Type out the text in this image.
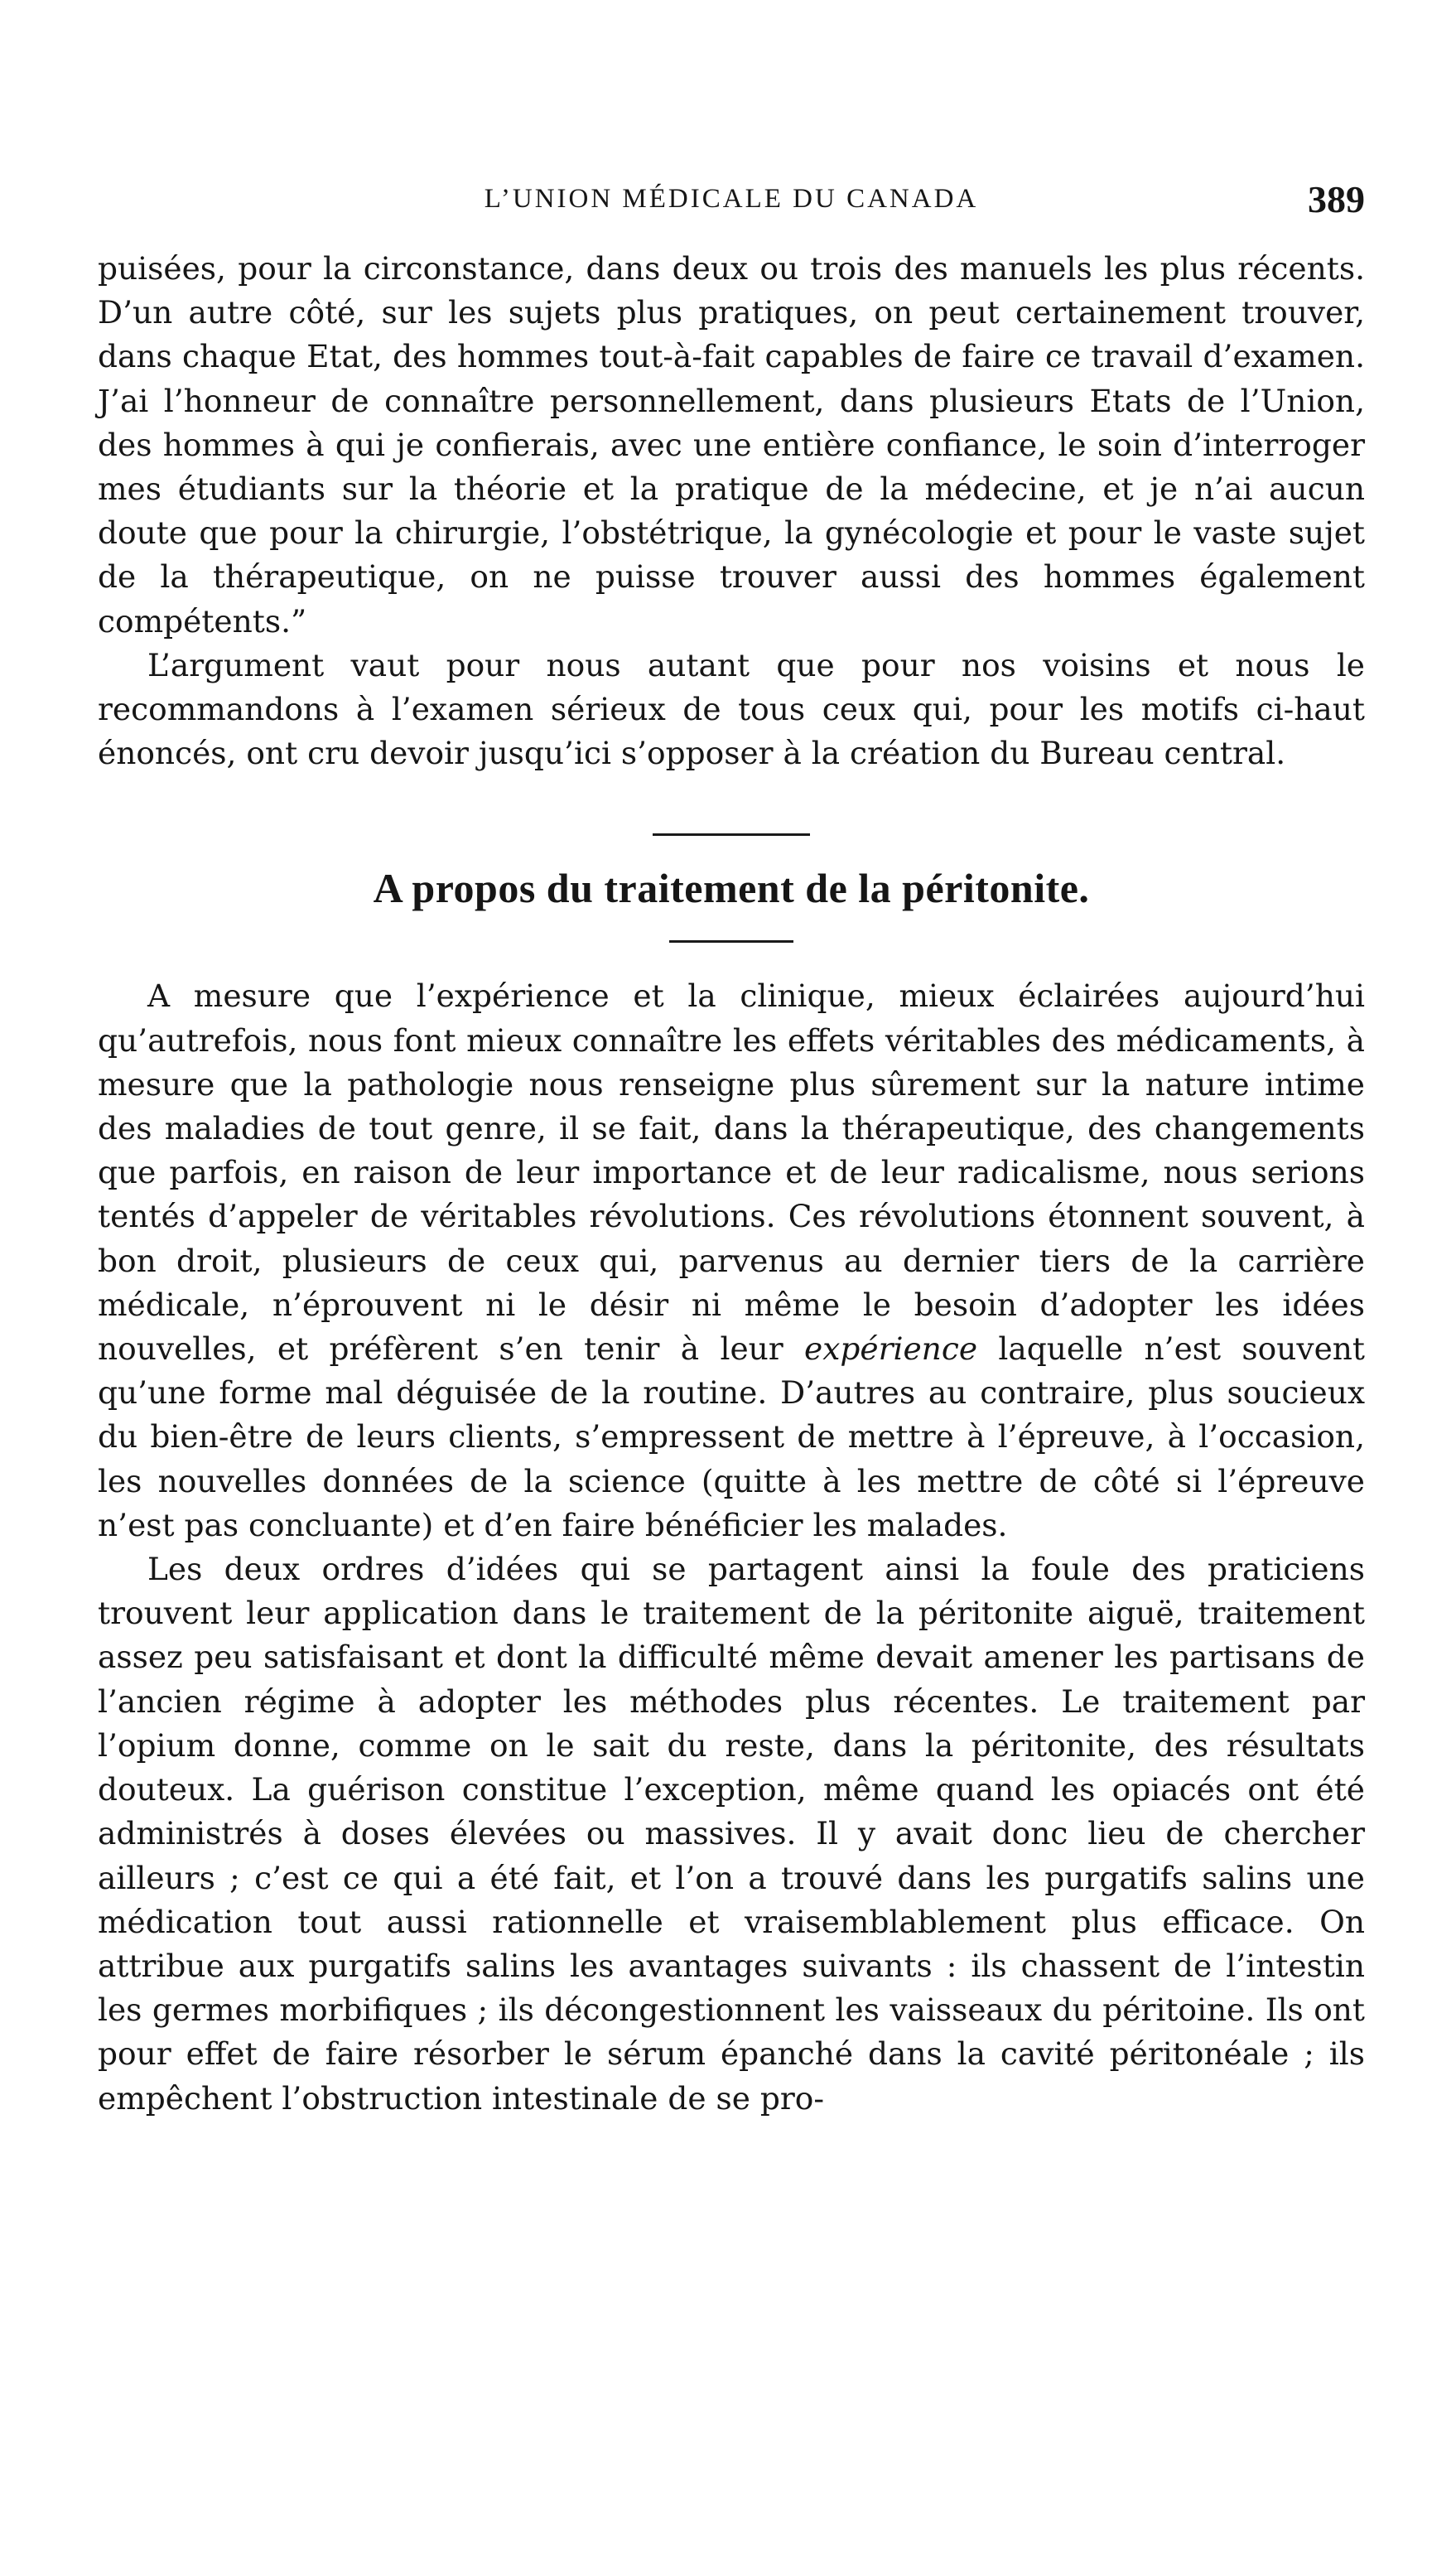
L’UNION MÉDICALE DU CANADA	389

puisées, pour la circonstance, dans deux ou trois des manuels les plus récents. D’un autre côté, sur les sujets plus pratiques, on peut certainement trouver, dans chaque Etat, des hommes tout-à-fait capables de faire ce travail d’examen. J’ai l’honneur de connaître personnellement, dans plusieurs Etats de l’Union, des hommes à qui je confierais, avec une entière confiance, le soin d’interroger mes étudiants sur la théorie et la pratique de la médecine, et je n’ai aucun doute que pour la chirurgie, l’obstétrique, la gynécologie et pour le vaste sujet de la thérapeutique, on ne puisse trouver aussi des hommes également compétents.”

L’argument vaut pour nous autant que pour nos voisins et nous le recommandons à l’examen sérieux de tous ceux qui, pour les motifs ci-haut énoncés, ont cru devoir jusqu’ici s’opposer à la création du Bureau central.

A propos du traitement de la péritonite.

A mesure que l’expérience et la clinique, mieux éclairées aujourd’hui qu’autrefois, nous font mieux connaître les effets véritables des médicaments, à mesure que la pathologie nous renseigne plus sûrement sur la nature intime des maladies de tout genre, il se fait, dans la thérapeutique, des changements que parfois, en raison de leur importance et de leur radicalisme, nous serions tentés d’appeler de véritables révolutions. Ces révolutions étonnent souvent, à bon droit, plusieurs de ceux qui, parvenus au dernier tiers de la carrière médicale, n’éprouvent ni le désir ni même le besoin d’adopter les idées nouvelles, et préfèrent s’en tenir à leur expérience laquelle n’est souvent qu’une forme mal déguisée de la routine. D’autres au contraire, plus soucieux du bien-être de leurs clients, s’empressent de mettre à l’épreuve, à l’occasion, les nouvelles données de la science (quitte à les mettre de côté si l’épreuve n’est pas concluante) et d’en faire bénéficier les malades.

Les deux ordres d’idées qui se partagent ainsi la foule des praticiens trouvent leur application dans le traitement de la péritonite aiguë, traitement assez peu satisfaisant et dont la difficulté même devait amener les partisans de l’ancien régime à adopter les méthodes plus récentes. Le traitement par l’opium donne, comme on le sait du reste, dans la péritonite, des résultats douteux. La guérison constitue l’exception, même quand les opiacés ont été administrés à doses élevées ou massives. Il y avait donc lieu de chercher ailleurs ; c’est ce qui a été fait, et l’on a trouvé dans les purgatifs salins une médication tout aussi rationnelle et vraisemblablement plus efficace. On attribue aux purgatifs salins les avantages suivants : ils chassent de l’intestin les germes morbifiques ; ils décongestionnent les vaisseaux du péritoine. Ils ont pour effet de faire résorber le sérum épanché dans la cavité péritonéale ; ils empêchent l’obstruction intestinale de se pro-
